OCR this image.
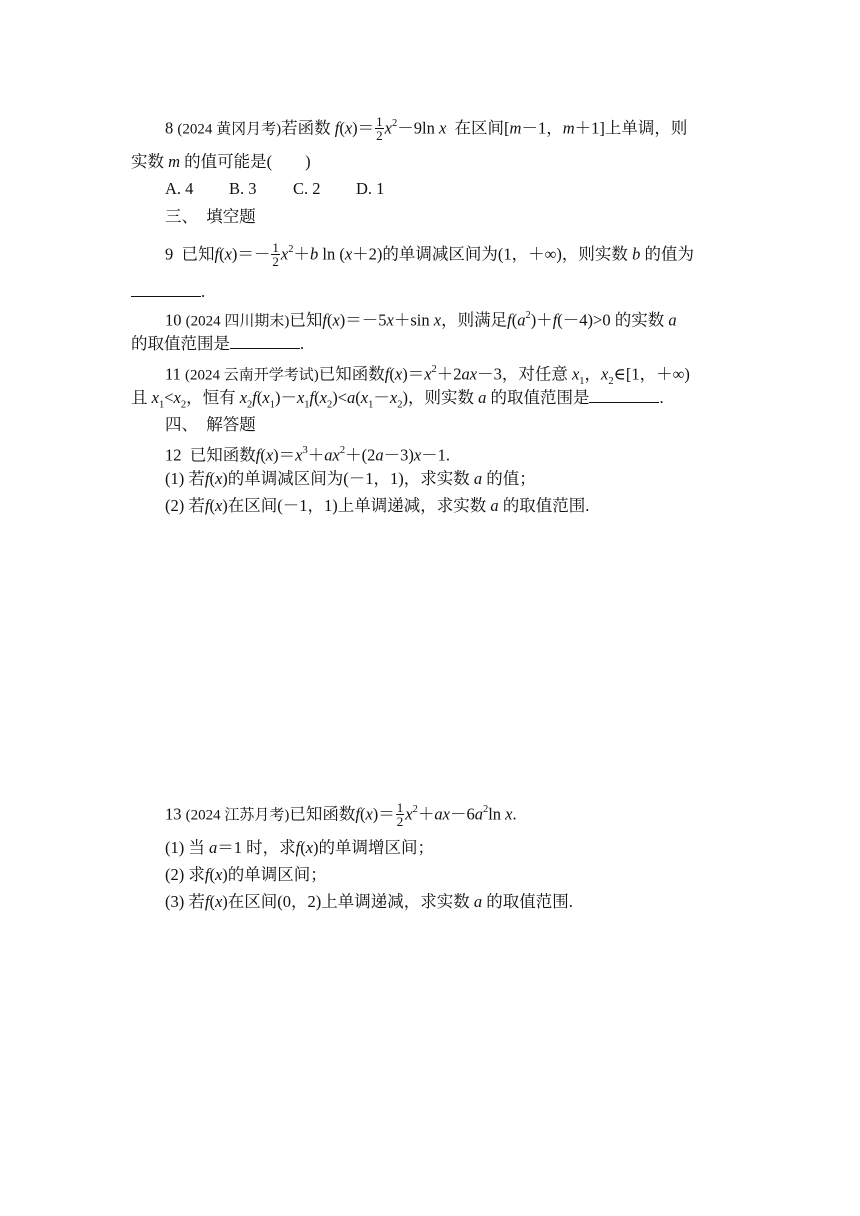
8 (2024 黄冈月考)若函数 $f(x)= \frac{1}{2} x^2-9\ln$ x 在区间[m－1，m＋1]上单调，则
实数 m 的值可能是(　　)
A. 4 B. 3 C. 2 D. 1
三、　填空题
9 已知$f(x)=- \frac{1}{2} x^2+b$ ln (x＋2)的单调减区间为(1，＋∞)，则实数 b 的值为
.
10 (2024 四川期末)已知f(x)＝－5x＋sin x，则满足$f(a^2)+f(-4)>0$ 的实数 a
的取值范围是	.
11 (2024 云南开学考试)已知函数$f(x)=x^2+2ax-3$，对任意 $x_1$，$x_2\in[1$，＋∞)
且 $x_1<x_2$，恒有 $x_2f(x_1)-x_1f(x_2)<a(x_1-x_2)$，则实数 a 的取值范围是	.
四、　解答题
12 已知函数$f(x)=x^3+ax^2+(2a-3)x-1$.
(1) 若f(x)的单调减区间为(－1，1)，求实数 a 的值；
(2) 若f(x)在区间(－1，1)上单调递减，求实数 a 的取值范围.
13 (2024 江苏月考)已知函数$f(x)= \frac{1}{2} x^2+ax-6a^2\ln$ x.
(1) 当 a＝1 时，求f(x)的单调增区间；
(2) 求f(x)的单调区间；
(3) 若f(x)在区间(0，2)上单调递减，求实数 a 的取值范围.
